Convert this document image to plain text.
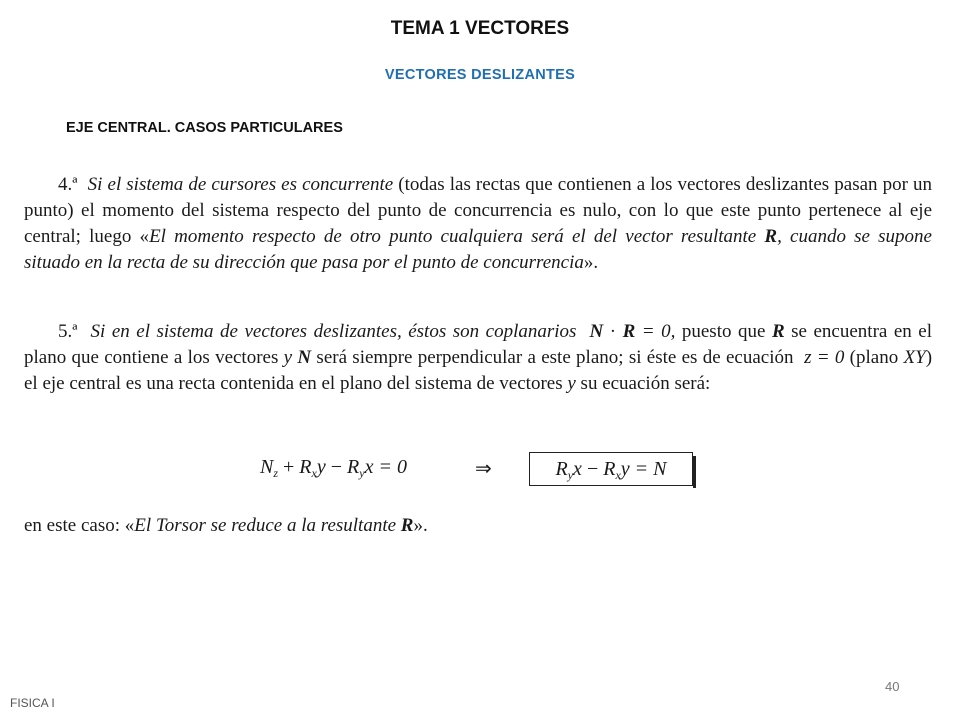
TEMA 1 VECTORES
VECTORES DESLIZANTES
EJE CENTRAL. CASOS PARTICULARES
4.ª Si el sistema de cursores es concurrente (todas las rectas que contienen a los vectores deslizantes pasan por un punto) el momento del sistema respecto del punto de concurrencia es nulo, con lo que este punto pertenece al eje central; luego «El momento respecto de otro punto cualquiera será el del vector resultante R, cuando se supone situado en la recta de su dirección que pasa por el punto de concurrencia».
5.ª Si en el sistema de vectores deslizantes, éstos son coplanarios N · R = 0, puesto que R se encuentra en el plano que contiene a los vectores y N será siempre perpendicular a este plano; si éste es de ecuación  z = 0 (plano XY) el eje central es una recta contenida en el plano del sistema de vectores y su ecuación será:
$N_z + R_xy - R_yx = 0$	⇒	$R_yx - R_xy = N$
en este caso: «El Torsor se reduce a la resultante R».
40
FISICA I
